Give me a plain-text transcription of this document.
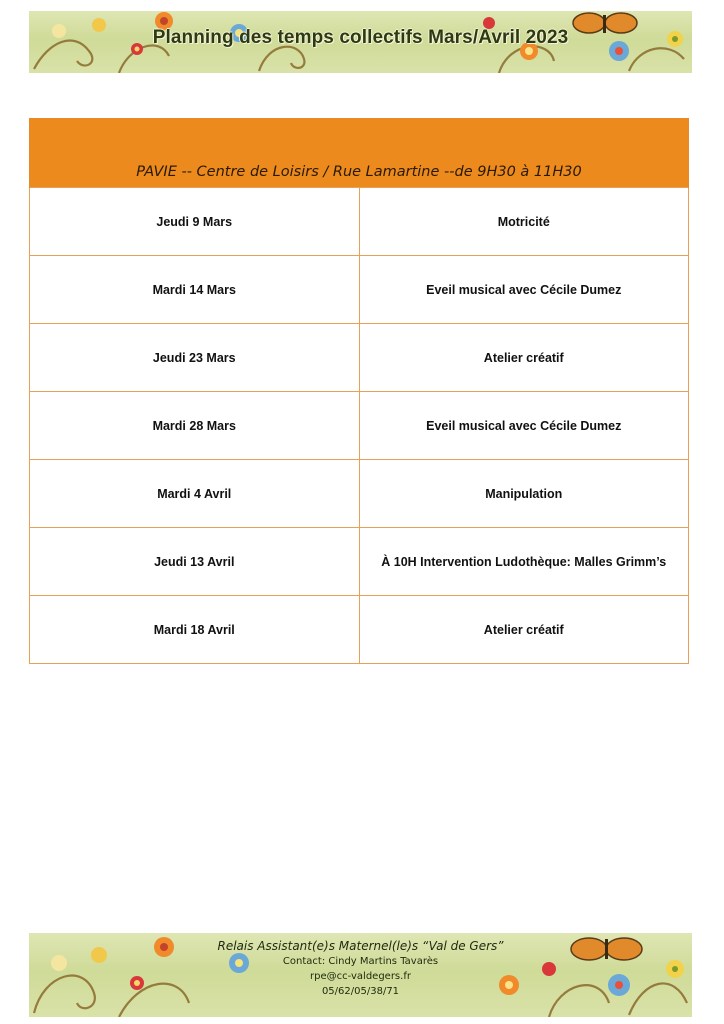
Planning des temps collectifs Mars/Avril 2023
PAVIE -- Centre de Loisirs / Rue Lamartine --de 9H30 à 11H30	
Jeudi 9 Mars	Motricité
Mardi 14 Mars	Eveil musical avec Cécile Dumez
Jeudi 23 Mars	Atelier créatif
Mardi 28 Mars	Eveil musical avec Cécile Dumez
Mardi 4 Avril	Manipulation
Jeudi 13 Avril	À 10H Intervention Ludothèque: Malles Grimm’s
Mardi 18 Avril	Atelier créatif
Relais Assistant(e)s Maternel(le)s “Val de Gers”
Contact: Cindy Martins Tavarès
rpe@cc-valdegers.fr
05/62/05/38/71
